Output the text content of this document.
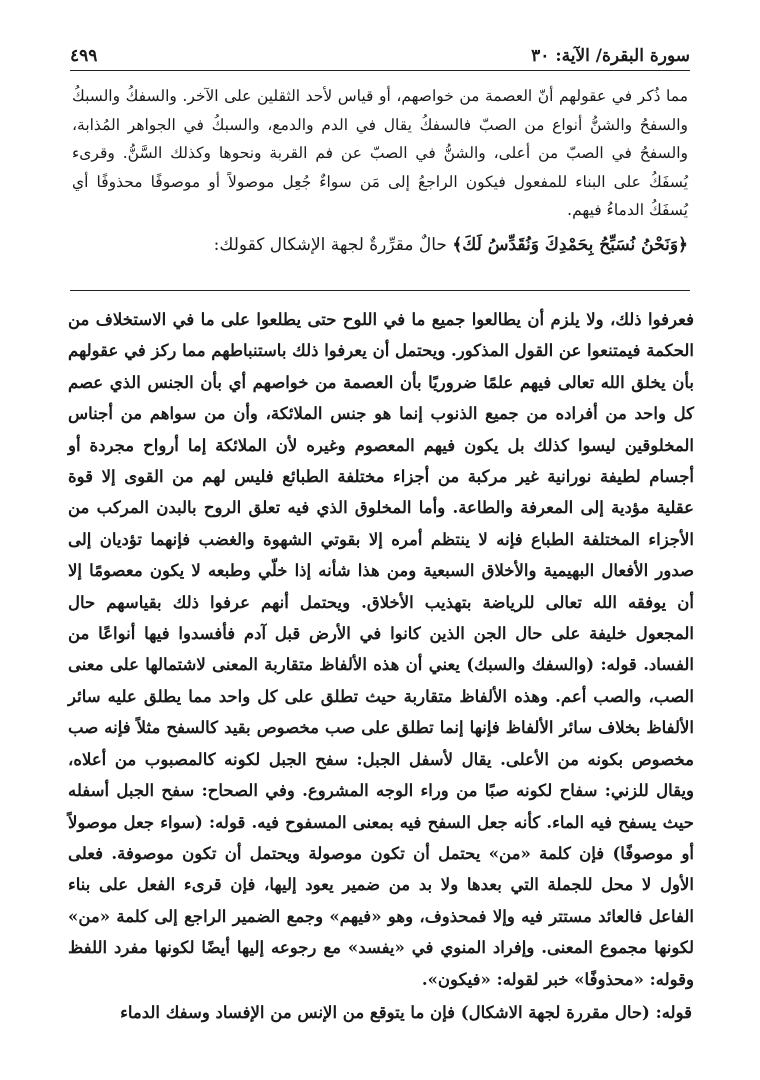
سورة البقرة/ الآية: ٣٠
٤٩٩

مما ذُكر في عقولهم أنّ العصمة من خواصهم، أو قياس لأحد الثقلين على الآخر. والسفكُ والسبكُ والسفحُ والشنُّ أنواع من الصبّ فالسفكُ يقال في الدم والدمع، والسبكُ في الجواهر المُذابة، والسفحُ في الصبّ من أعلى، والشنُّ في الصبّ عن فم القربة ونحوها وكذلك السَّنُّ. وقرىء يُسفَكُ على البناء للمفعول فيكون الراجعُ إلى مَن سواءٌ جُعِل موصولاً أو موصوفًا محذوفًا أي يُسفَكُ الدماءُ فيهم.

﴿وَنَحْنُ نُسَبِّحُ بِحَمْدِكَ وَنُقَدِّسُ لَكَ﴾ حالٌ مقرِّرةٌ لجهة الإشكال كقولك:

فعرفوا ذلك، ولا يلزم أن يطالعوا جميع ما في اللوح حتى يطلعوا على ما في الاستخلاف من الحكمة فيمتنعوا عن القول المذكور. ويحتمل أن يعرفوا ذلك باستنباطهم مما ركز في عقولهم بأن يخلق الله تعالى فيهم علمًا ضروريًا بأن العصمة من خواصهم أي بأن الجنس الذي عصم كل واحد من أفراده من جميع الذنوب إنما هو جنس الملائكة، وأن من سواهم من أجناس المخلوقين ليسوا كذلك بل يكون فيهم المعصوم وغيره لأن الملائكة إما أرواح مجردة أو أجسام لطيفة نورانية غير مركبة من أجزاء مختلفة الطبائع فليس لهم من القوى إلا قوة عقلية مؤدية إلى المعرفة والطاعة. وأما المخلوق الذي فيه تعلق الروح بالبدن المركب من الأجزاء المختلفة الطباع فإنه لا ينتظم أمره إلا بقوتي الشهوة والغضب فإنهما تؤديان إلى صدور الأفعال البهيمية والأخلاق السبعية ومن هذا شأنه إذا خلّي وطبعه لا يكون معصومًا إلا أن يوفقه الله تعالى للرياضة بتهذيب الأخلاق. ويحتمل أنهم عرفوا ذلك بقياسهم حال المجعول خليفة على حال الجن الذين كانوا في الأرض قبل آدم فأفسدوا فيها أنواعًا من الفساد. قوله: (والسفك والسبك) يعني أن هذه الألفاظ متقاربة المعنى لاشتمالها على معنى الصب، والصب أعم. وهذه الألفاظ متقاربة حيث تطلق على كل واحد مما يطلق عليه سائر الألفاظ بخلاف سائر الألفاظ فإنها إنما تطلق على صب مخصوص بقيد كالسفح مثلاً فإنه صب مخصوص بكونه من الأعلى. يقال لأسفل الجبل: سفح الجبل لكونه كالمصبوب من أعلاه، ويقال للزني: سفاح لكونه صبًا من وراء الوجه المشروع. وفي الصحاح: سفح الجبل أسفله حيث يسفح فيه الماء. كأنه جعل السفح فيه بمعنى المسفوح فيه. قوله: (سواء جعل موصولاً أو موصوفًا) فإن كلمة «من» يحتمل أن تكون موصولة ويحتمل أن تكون موصوفة. فعلى الأول لا محل للجملة التي بعدها ولا بد من ضمير يعود إليها، فإن قرىء الفعل على بناء الفاعل فالعائد مستتر فيه وإلا فمحذوف، وهو «فيهم» وجمع الضمير الراجع إلى كلمة «من» لكونها مجموع المعنى. وإفراد المنوي في «يفسد» مع رجوعه إليها أيضًا لكونها مفرد اللفظ وقوله: «محذوفًا» خبر لقوله: «فيكون».

قوله: (حال مقررة لجهة الاشكال) فإن ما يتوقع من الإنس من الإفساد وسفك الدماء
